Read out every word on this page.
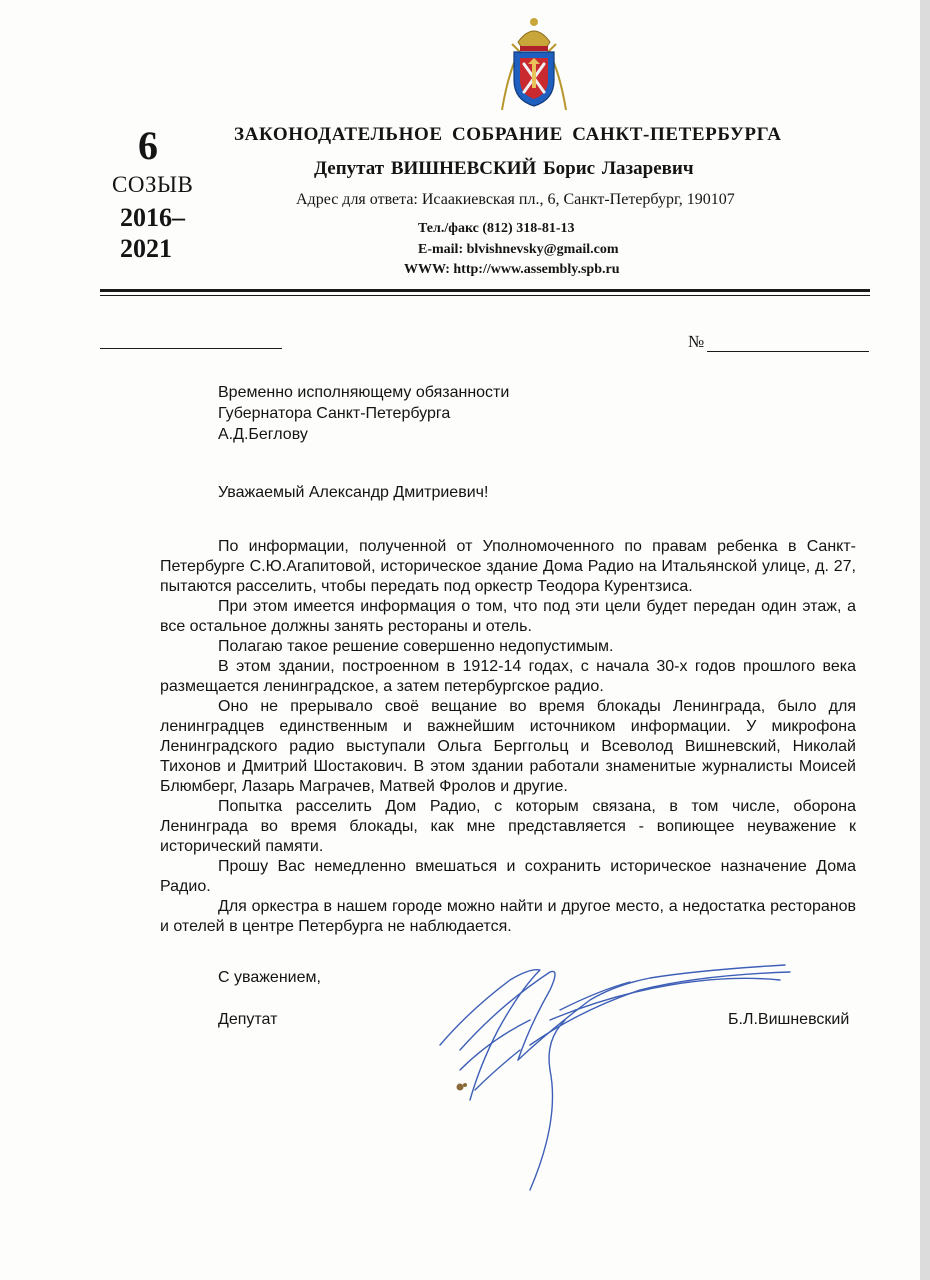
6
СОЗЫВ
2016–
2021
ЗАКОНОДАТЕЛЬНОЕ СОБРАНИЕ САНКТ-ПЕТЕРБУРГА
Депутат ВИШНЕВСКИЙ Борис Лазаревич
Адрес для ответа: Исаакиевская пл., 6, Санкт-Петербург, 190107
Тел./факс (812) 318-81-13
E-mail: blvishnevsky@gmail.com
WWW: http://www.assembly.spb.ru
№
Временно исполняющему обязанности
Губернатора Санкт-Петербурга
А.Д.Беглову
Уважаемый Александр Дмитриевич!

По информации, полученной от Уполномоченного по правам ребенка в Санкт-Петербурге С.Ю.Агапитовой, историческое здание Дома Радио на Итальянской улице, д. 27, пытаются расселить, чтобы передать под оркестр Теодора Курентзиса.

При этом имеется информация о том, что под эти цели будет передан один этаж, а все остальное должны занять рестораны и отель.

Полагаю такое решение совершенно недопустимым.

В этом здании, построенном в 1912-14 годах, с начала 30-х годов прошлого века размещается ленинградское, а затем петербургское радио.

Оно не прерывало своё вещание во время блокады Ленинграда, было для ленинградцев единственным и важнейшим источником информации. У микрофона Ленинградского радио выступали Ольга Берггольц и Всеволод Вишневский, Николай Тихонов и Дмитрий Шостакович. В этом здании работали знаменитые журналисты Моисей Блюмберг, Лазарь Маграчев, Матвей Фролов и другие.

Попытка расселить Дом Радио, с которым связана, в том числе, оборона Ленинграда во время блокады, как мне представляется - вопиющее неуважение к исторический памяти.

Прошу Вас немедленно вмешаться и сохранить историческое назначение Дома Радио.

Для оркестра в нашем городе можно найти и другое место, а недостатка ресторанов и отелей в центре Петербурга не наблюдается.

С уважением,
Депутат	Б.Л.Вишневский
